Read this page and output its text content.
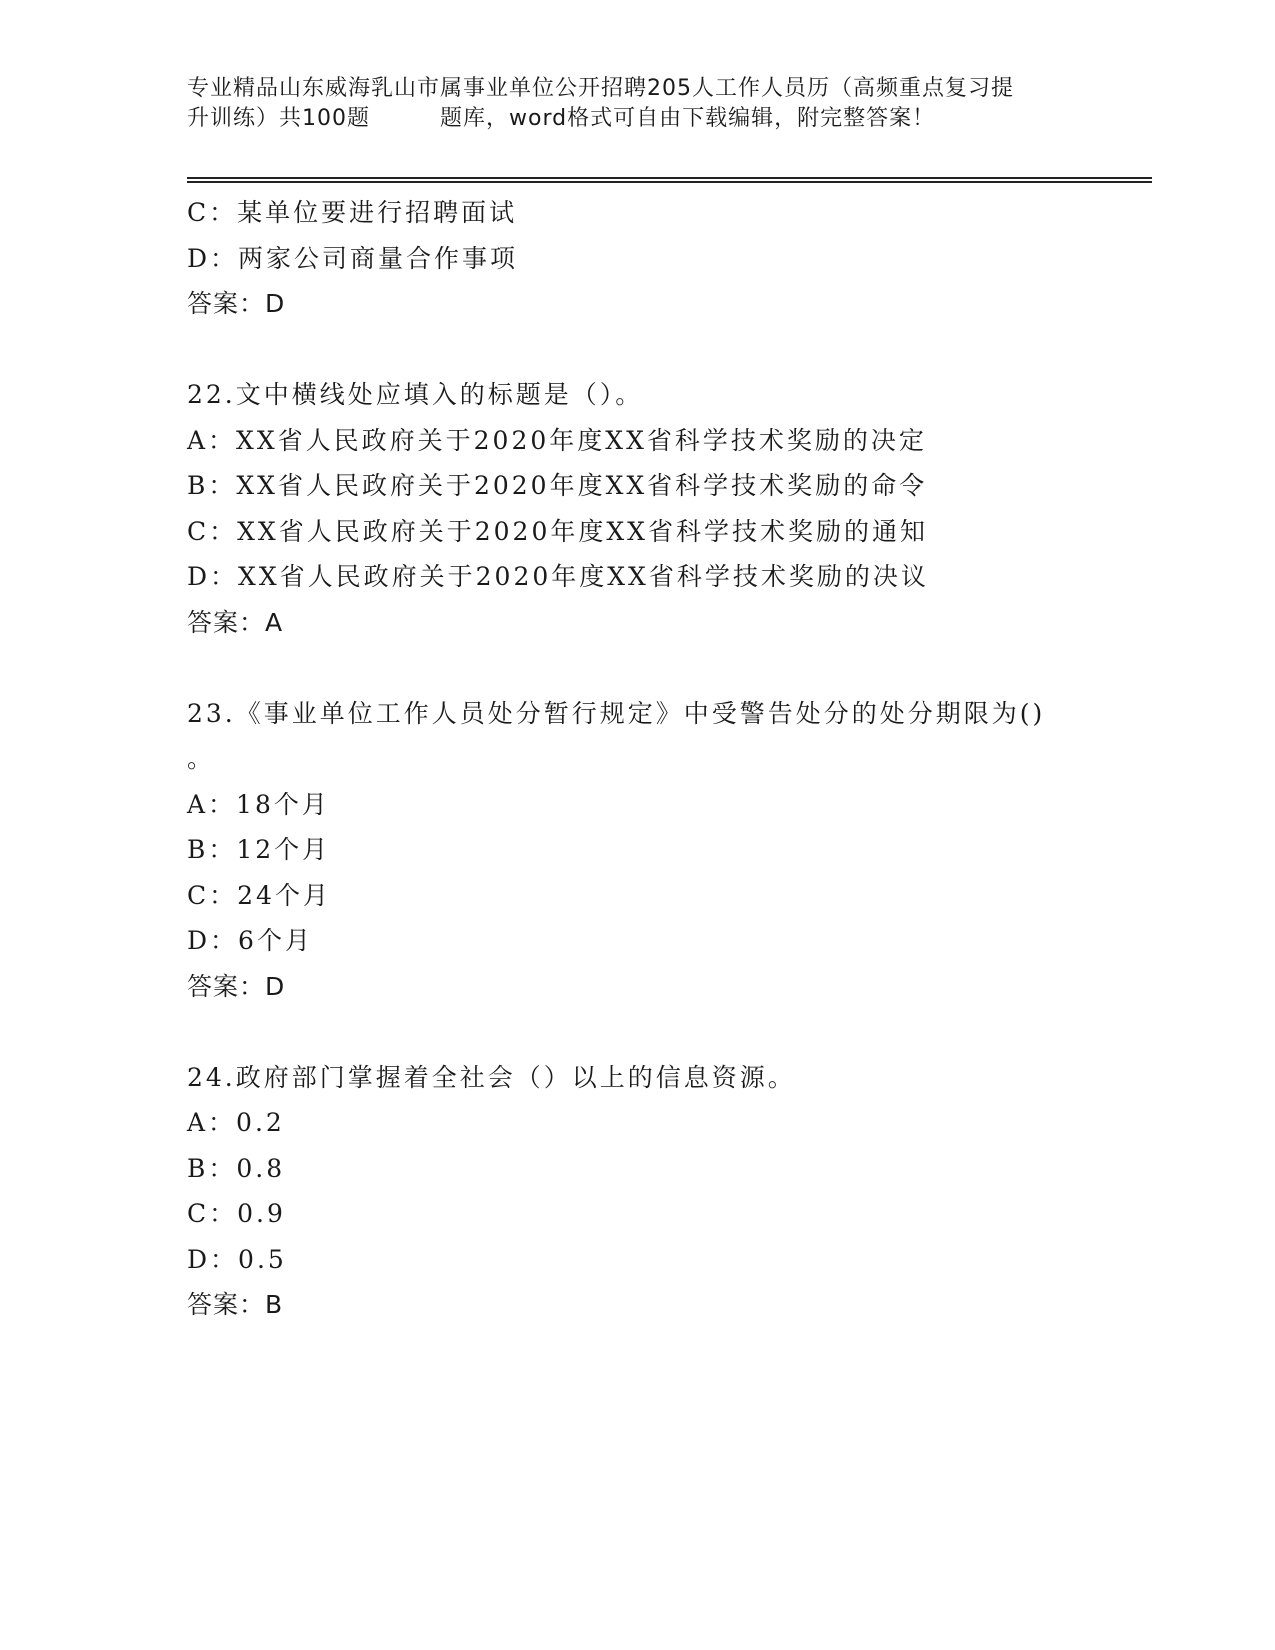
专业精品山东威海乳山市属事业单位公开招聘205人工作人员历（高频重点复习提
升训练）共100题	题库，word格式可自由下载编辑，附完整答案！
C：某单位要进行招聘面试
D：两家公司商量合作事项
答案：D
22.文中横线处应填入的标题是（）。
A：XX省人民政府关于2020年度XX省科学技术奖励的决定
B：XX省人民政府关于2020年度XX省科学技术奖励的命令
C：XX省人民政府关于2020年度XX省科学技术奖励的通知
D：XX省人民政府关于2020年度XX省科学技术奖励的决议
答案：A
23.《事业单位工作人员处分暂行规定》中受警告处分的处分期限为()
。
A：18个月
B：12个月
C：24个月
D：6个月
答案：D
24.政府部门掌握着全社会（）以上的信息资源。
A：0.2
B：0.8
C：0.9
D：0.5
答案：B
